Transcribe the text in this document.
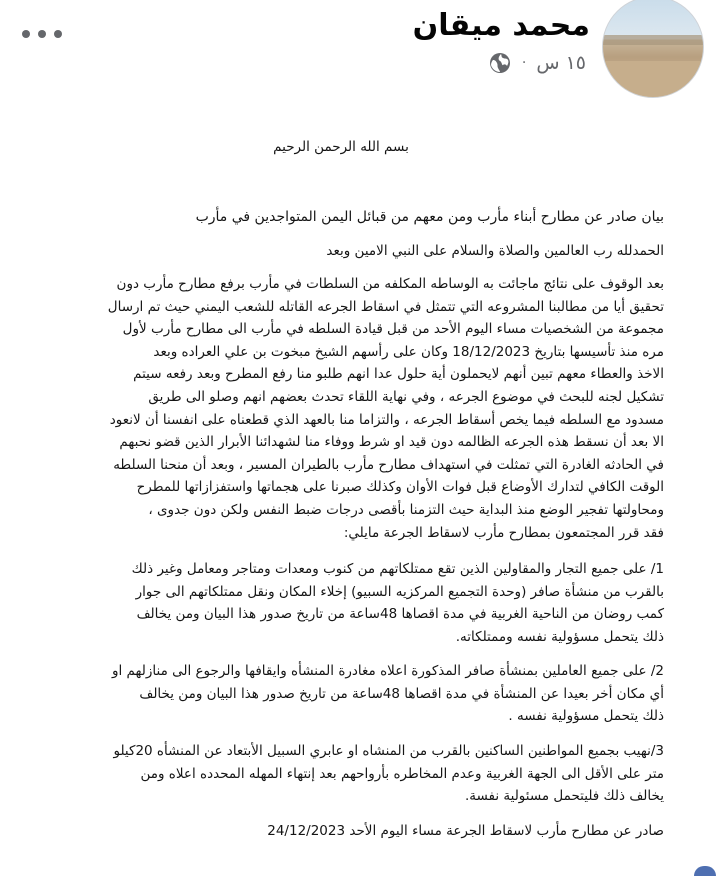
محمد ميقان
١٥ س
·
بسم الله الرحمن الرحيم
بيان صادر عن مطارح أبناء مأرب ومن معهم من قبائل اليمن المتواجدين في مأرب
الحمدلله رب العالمين والصلاة والسلام على النبي الامين وبعد
بعد الوقوف على نتائج ماجائت به الوساطه المكلفه من السلطات في مأرب برفع مطارح مأرب دون
تحقيق أيا من مطالبنا المشروعه التي تتمثل في اسقاط الجرعه القاتله للشعب اليمني حيث تم ارسال
مجموعة من الشخصيات مساء اليوم الأحد من قبل قيادة السلطه في مأرب الى مطارح مأرب لأول
مره منذ تأسيسها بتاريخ 18/12/2023 وكان على رأسهم الشيخ مبخوت بن علي العراده وبعد
الاخذ والعطاء معهم تبين أنهم لايحملون أية حلول عدا انهم طلبو منا رفع المطرح وبعد رفعه سيتم
تشكيل لجنه للبحث في موضوع الجرعه ، وفي نهاية اللقاء تحدث بعضهم انهم وصلو الى طريق
مسدود مع السلطه فيما يخص أسقاط الجرعه ، والتزاما منا بالعهد الذي قطعناه على انفسنا أن لانعود
الا بعد أن نسقط هذه الجرعه الظالمه دون قيد او شرط ووفاء منا لشهدائنا الأبرار الذين قضو نحبهم
في الحادثه الغادرة التي تمثلت في استهداف مطارح مأرب بالطيران المسير ، وبعد أن منحنا السلطه
الوقت الكافي لتدارك الأوضاع قبل فوات الأوان وكذلك صبرنا على هجماتها واستفزازاتها للمطرح
ومحاولتها تفجير الوضع منذ البداية حيث التزمنا بأقصى درجات ضبط النفس ولكن دون جدوى ،
فقد قرر المجتمعون بمطارح مأرب لاسقاط الجرعة مايلي:
1/ على جميع التجار والمقاولين الذين تقع ممتلكاتهم من كنوب ومعدات ومتاجر ومعامل وغير ذلك
بالقرب من منشأة صافر (وحدة التجميع المركزيه السبيو) إخلاء المكان ونقل ممتلكاتهم الى جوار
كمب روضان من الناحية الغربية في مدة اقصاها 48ساعة من تاريخ صدور هذا البيان ومن يخالف
ذلك يتحمل مسؤولية نفسه وممتلكاته.
2/ على جميع العاملين بمنشأة صافر المذكورة اعلاه مغادرة المنشأه وايقافها والرجوع الى منازلهم او
أي مكان أخر بعيدا عن المنشأة في مدة اقصاها 48ساعة من تاريخ صدور هذا البيان ومن يخالف
ذلك يتحمل مسؤولية نفسه .
3/نهيب بجميع المواطنين الساكنين بالقرب من المنشاه او عابري السبيل الأبتعاد عن المنشأه 20كيلو
متر على الأقل الى الجهة الغربية وعدم المخاطره بأرواحهم بعد إنتهاء المهله المحدده اعلاه ومن
يخالف ذلك فليتحمل مسئولية نفسة.
صادر عن مطارح مأرب لاسقاط الجرعة مساء اليوم الأحد 24/12/2023
